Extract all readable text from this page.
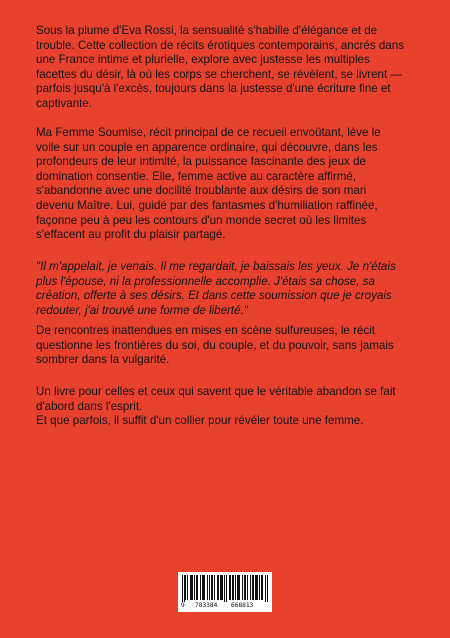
Sous la plume d'Eva Rossi, la sensualité s'habille d'élégance et de
trouble. Cette collection de récits érotiques contemporains, ancrés dans
une France intime et plurielle, explore avec justesse les multiples
facettes du désir, là où les corps se cherchent, se révèlent, se livrent —
parfois jusqu'à l'excès, toujours dans la justesse d'une écriture fine et
captivante.
Ma Femme Soumise, récit principal de ce recueil envoûtant, lève le
voile sur un couple en apparence ordinaire, qui découvre, dans les
profondeurs de leur intimité, la puissance fascinante des jeux de
domination consentie. Elle, femme active au caractère affirmé,
s'abandonne avec une docilité troublante aux désirs de son mari
devenu Maître. Lui, guidé par des fantasmes d'humiliation raffinée,
façonne peu à peu les contours d'un monde secret où les limites
s'effacent au profit du plaisir partagé.
"Il m'appelait, je venais. Il me regardait, je baissais les yeux. Je n'étais
plus l'épouse, ni la professionnelle accomplie. J'étais sa chose, sa
création, offerte à ses désirs. Et dans cette soumission que je croyais
redouter, j'ai trouvé une forme de liberté."
De rencontres inattendues en mises en scène sulfureuses, le récit
questionne les frontières du soi, du couple, et du pouvoir, sans jamais
sombrer dans la vulgarité.
Un livre pour celles et ceux qui savent que le véritable abandon se fait
d'abord dans l'esprit.
Et que parfois, il suffit d'un collier pour révéler toute une femme.
9 783384 668813
